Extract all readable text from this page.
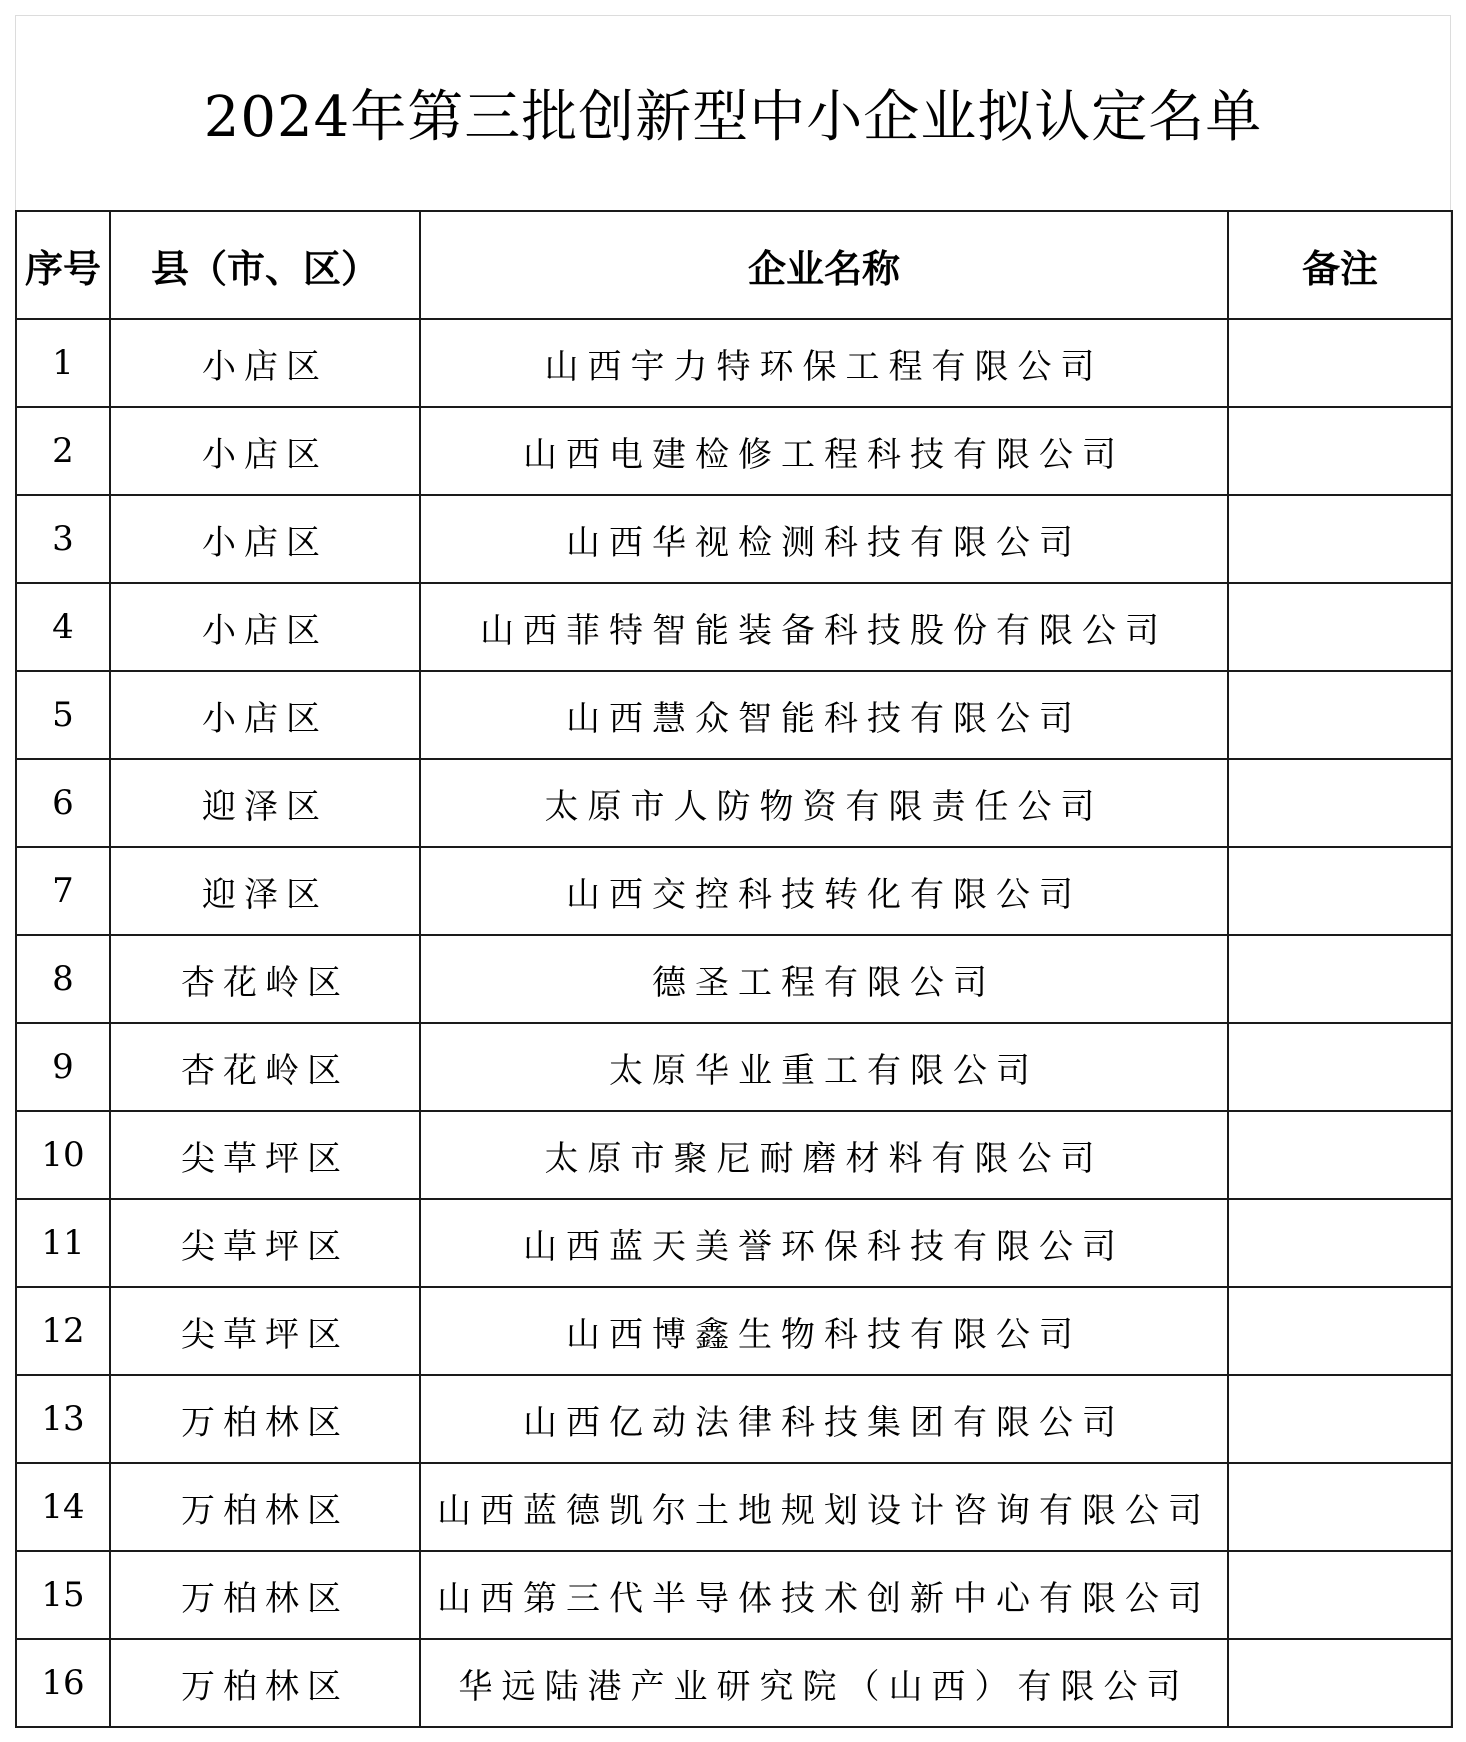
2024年第三批创新型中小企业拟认定名单
序号	县（市、区）	企业名称	备注
1	小店区	山西宇力特环保工程有限公司	
2	小店区	山西电建检修工程科技有限公司	
3	小店区	山西华视检测科技有限公司	
4	小店区	山西菲特智能装备科技股份有限公司	
5	小店区	山西慧众智能科技有限公司	
6	迎泽区	太原市人防物资有限责任公司	
7	迎泽区	山西交控科技转化有限公司	
8	杏花岭区	德圣工程有限公司	
9	杏花岭区	太原华业重工有限公司	
10	尖草坪区	太原市聚尼耐磨材料有限公司	
11	尖草坪区	山西蓝天美誉环保科技有限公司	
12	尖草坪区	山西博鑫生物科技有限公司	
13	万柏林区	山西亿动法律科技集团有限公司	
14	万柏林区	山西蓝德凯尔土地规划设计咨询有限公司	
15	万柏林区	山西第三代半导体技术创新中心有限公司	
16	万柏林区	华远陆港产业研究院（山西）有限公司	
